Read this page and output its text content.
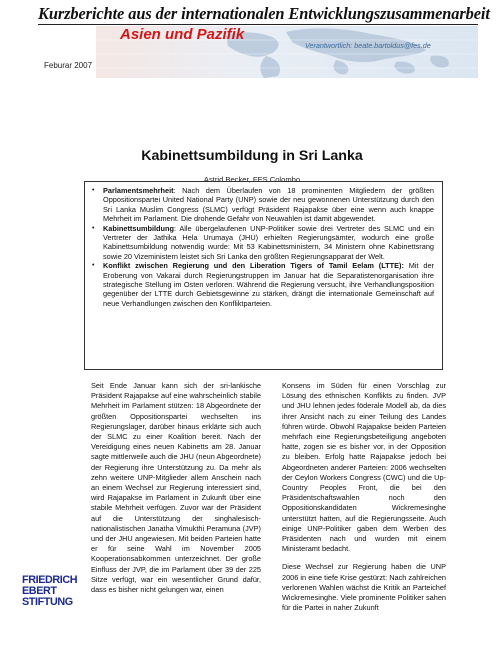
Kurzberichte aus der internationalen Entwicklungszusammenarbeit
Asien und Pazifik
Verantwortlich: beate.bartoldus@fes.de
Feburar 2007
Kabinettsumbildung in Sri Lanka
Astrid Becker, FES Colombo
• Parlamentsmehrheit: Nach dem Überlaufen von 18 prominenten Mitgliedern der größten Oppositionspartei United National Party (UNP) sowie der neu gewonnenen Unterstützung durch den Sri Lanka Muslim Congress (SLMC) verfügt Präsident Rajapakse über eine wenn auch knappe Mehrheit im Parlament. Die drohende Gefahr von Neuwahlen ist damit abgewendet.
• Kabinettsumbildung: Alle übergelaufenen UNP-Politiker sowie drei Vertreter des SLMC und ein Vertreter der Jathika Hela Urumaya (JHU) erhielten Regierungsämter, wodurch eine große Kabinettsumbildung notwendig wurde: Mit 53 Kabinettsministern, 34 Ministern ohne Kabinettsrang sowie 20 Vizeministern leistet sich Sri Lanka den größten Regierungsapparat der Welt.
• Konflikt zwischen Regierung und den Liberation Tigers of Tamil Eelam (LTTE): Mit der Eroberung von Vakarai durch Regierungstruppen im Januar hat die Separatistenorganisation ihre strategische Stellung im Osten verloren. Während die Regierung versucht, ihre Verhandlungsposition gegenüber der LTTE durch Gebietsgewinne zu stärken, drängt die internationale Gemeinschaft auf neue Verhandlungen zwischen den Konfliktparteien.

Seit Ende Januar kann sich der sri-lankische Präsident Rajapakse auf eine wahrscheinlich stabile Mehrheit im Parlament stützen: 18 Abgeordnete der größten Oppositionspartei wechselten ins Regierungslager, darüber hinaus erklärte sich auch der SLMC zu einer Koalition bereit. Nach der Vereidigung eines neuen Kabinetts am 28. Januar sagte mittlerweile auch die JHU (neun Abgeordnete) der Regierung ihre Unterstützung zu. Da mehr als zehn weitere UNP-Mitglieder allem Anschein nach an einem Wechsel zur Regierung interessiert sind, wird Rajapakse im Parlament in Zukunft über eine stabile Mehrheit verfügen. Zuvor war der Präsident auf die Unterstützung der singhalesisch-nationalistischen Janatha Vimukthi Peramuna (JVP) und der JHU angewiesen. Mit beiden Parteien hatte er für seine Wahl im November 2005 Kooperationsabkommen unterzeichnet. Der große Einfluss der JVP, die im Parlament über 39 der 225 Sitze verfügt, war ein wesentlicher Grund dafür, dass es bisher nicht gelungen war, einen

Konsens im Süden für einen Vorschlag zur Lösung des ethnischen Konflikts zu finden. JVP und JHU lehnen jedes föderale Modell ab, da dies ihrer Ansicht nach zu einer Teilung des Landes führen würde. Obwohl Rajapakse beiden Parteien mehrfach eine Regierungsbeteiligung angeboten hatte, zogen sie es bisher vor, in der Opposition zu bleiben. Erfolg hatte Rajapakse jedoch bei Abgeordneten anderer Parteien: 2006 wechselten der Ceylon Workers Congress (CWC) und die Up-Country Peoples Front, die bei den Präsidentschaftswahlen noch den Oppositionskandidaten Wickremesinghe unterstützt hatten, auf die Regierungsseite. Auch einige UNP-Politiker gaben dem Werben des Präsidenten nach und wurden mit einem Ministeramt bedacht.

Diese Wechsel zur Regierung haben die UNP 2006 in eine tiefe Krise gestürzt: Nach zahlreichen verlorenen Wahlen wächst die Kritik an Parteichef Wickremesinghe. Viele prominente Politiker sahen für die Partei in naher Zukunft

FRIEDRICH
EBERT
STIFTUNG
